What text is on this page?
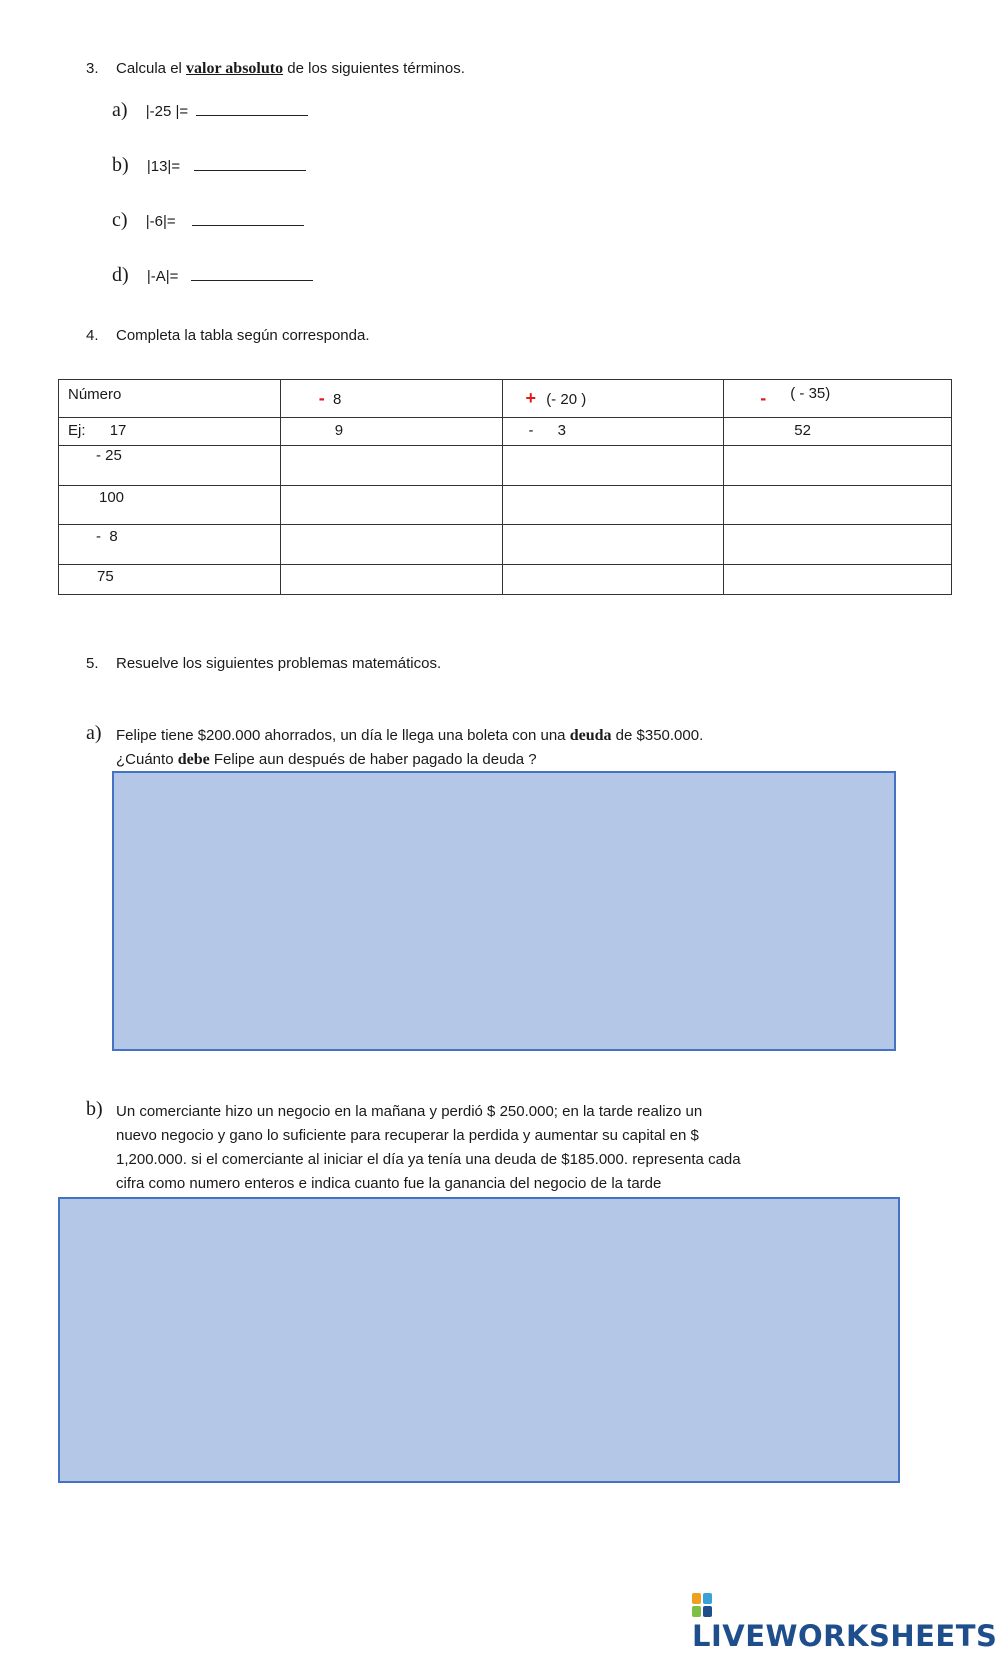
3. Calcula el valor absoluto de los siguientes términos.
a) |-25 |=
b) |13|=
c) |-6|=
d) |-A|=
4. Completa la tabla según corresponda.
Número	- 8	+ (- 20 )	- ( - 35)

Ej: 17	9	- 3	52

- 25			

100			

-  8			

75			

5. Resuelve los siguientes problemas matemáticos.
a) Felipe tiene $200.000 ahorrados, un día le llega una boleta con una deuda de $350.000.
¿Cuánto debe Felipe aun después de haber pagado la deuda ?
b) Un comerciante hizo un negocio en la mañana y perdió $ 250.000; en la tarde realizo un
nuevo negocio y gano lo suficiente para recuperar la perdida y aumentar su capital en $
1,200.000. si el comerciante al iniciar el día ya tenía una deuda de $185.000. representa cada
cifra como numero enteros e indica cuanto fue la ganancia del negocio de la tarde
LIVEWORKSHEETS
